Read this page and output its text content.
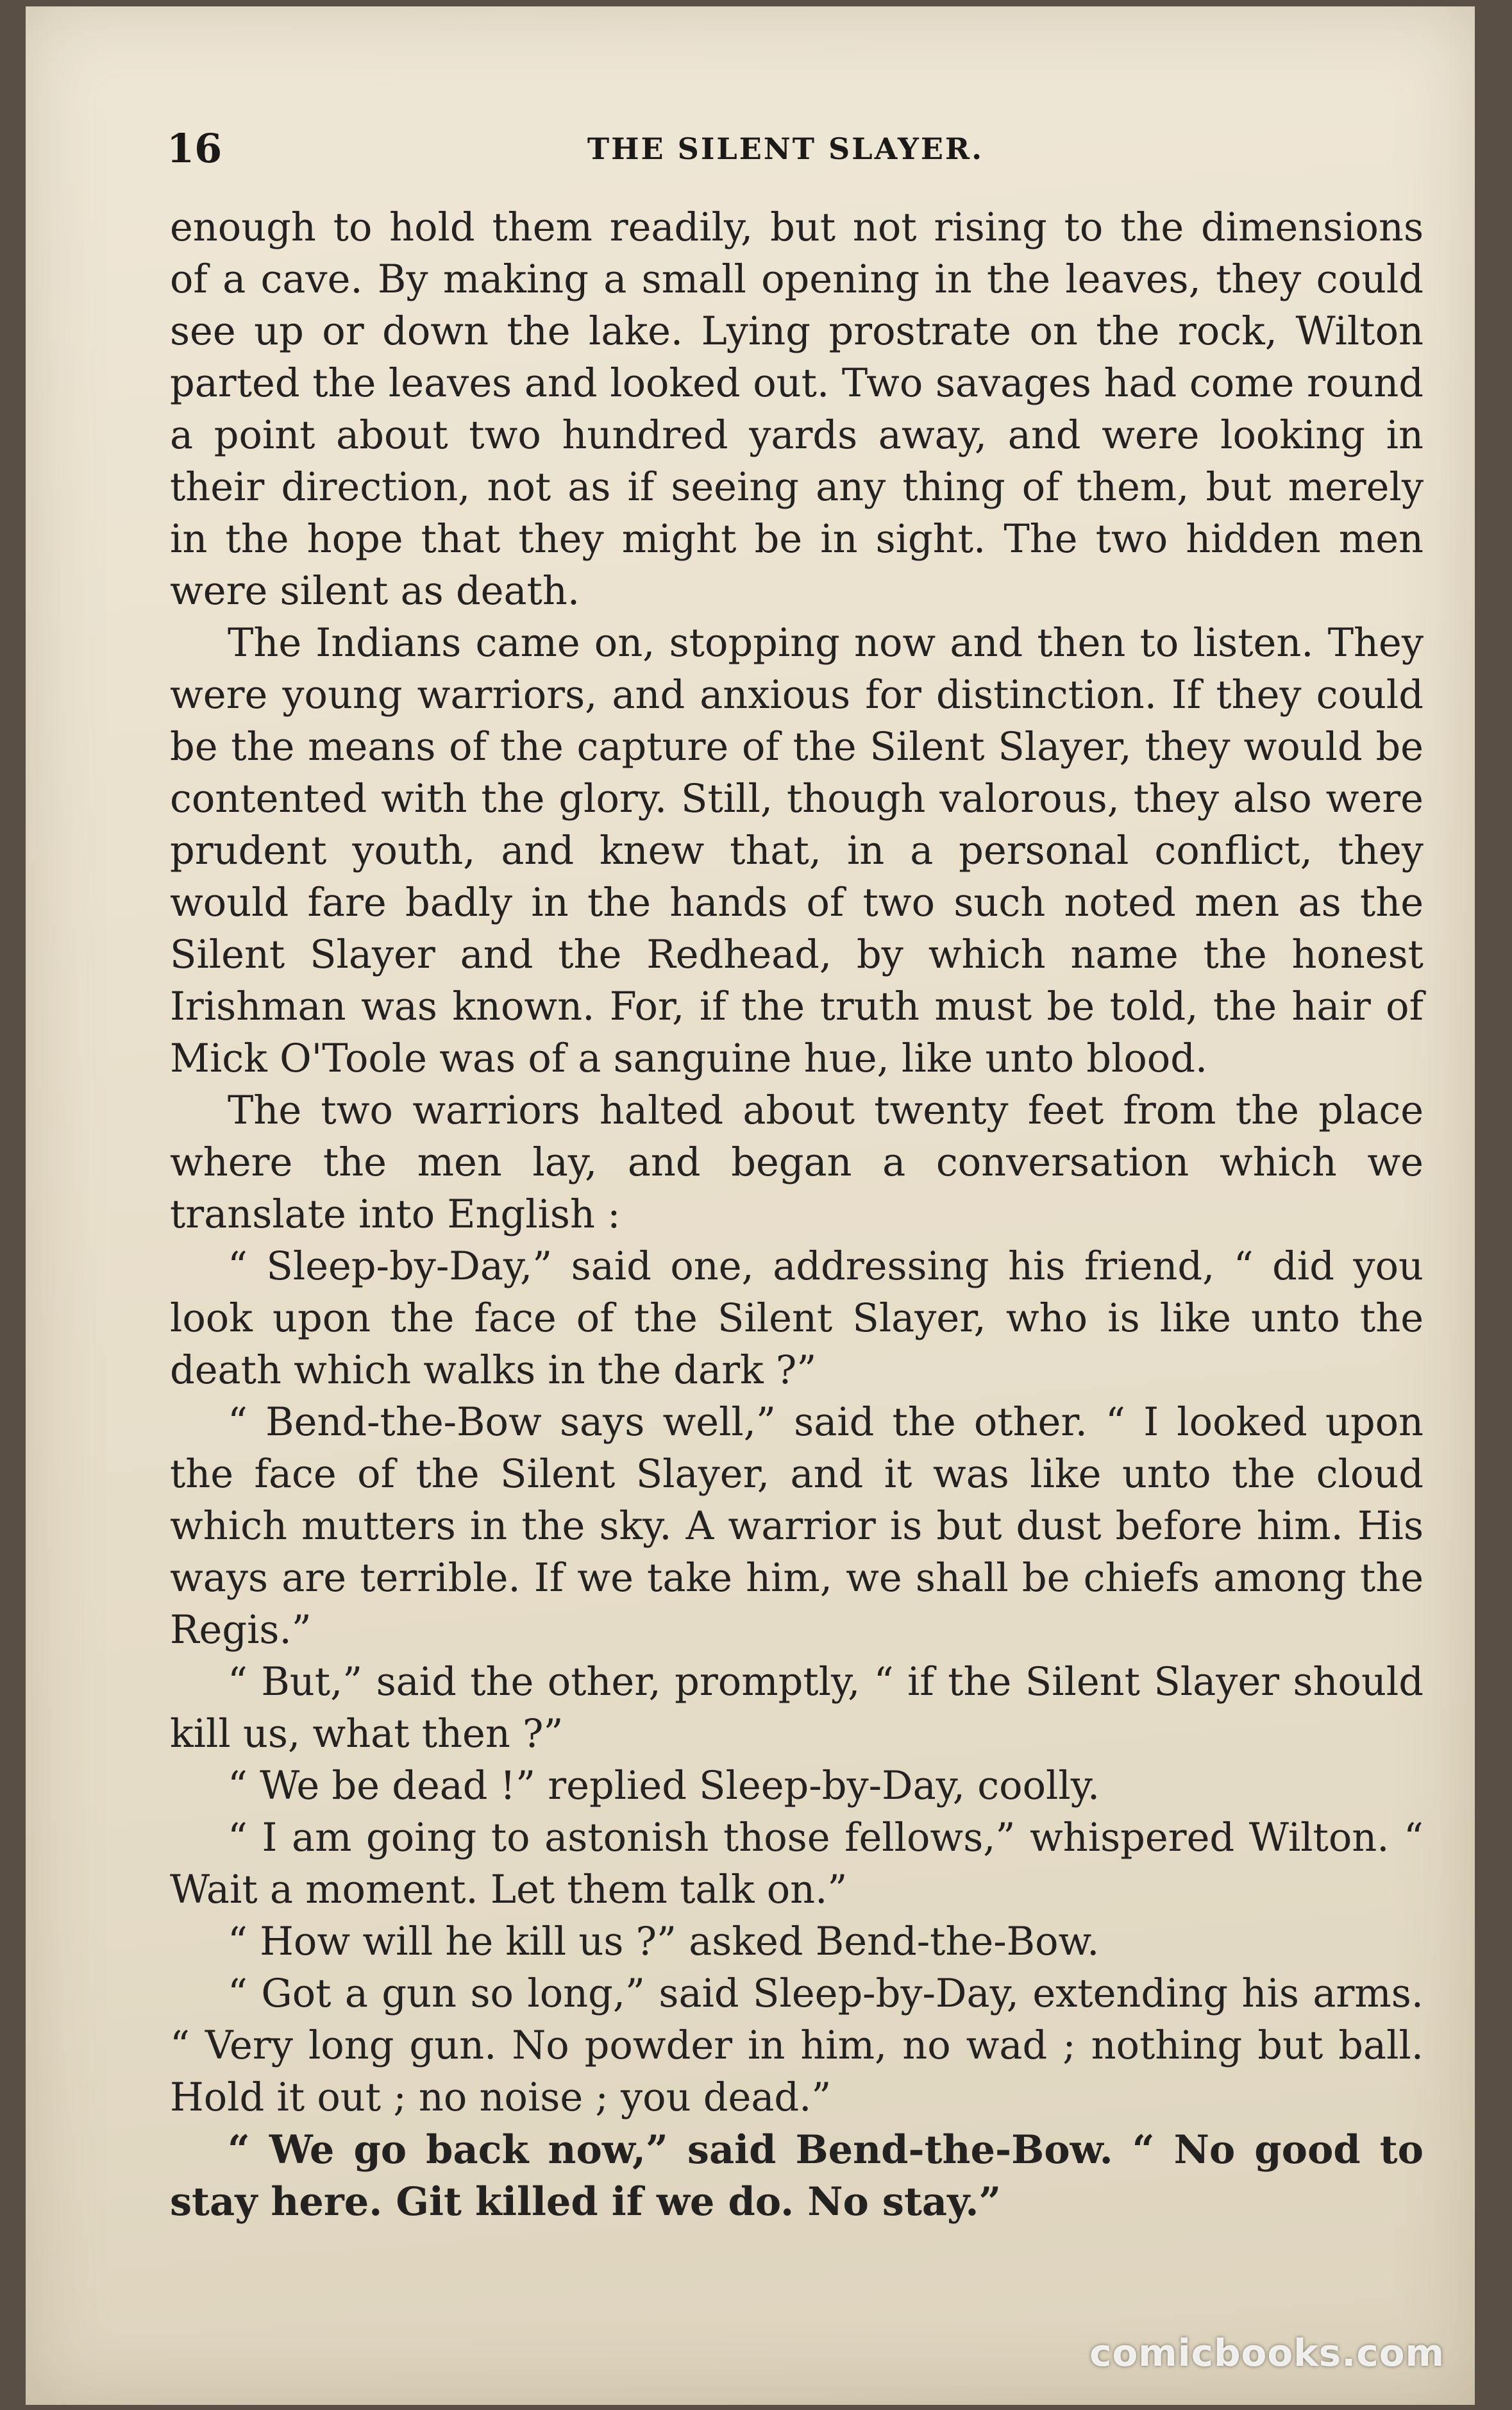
16	THE SILENT SLAYER.

enough to hold them readily, but not rising to the dimensions of a cave. By making a small opening in the leaves, they could see up or down the lake. Lying prostrate on the rock, Wilton parted the leaves and looked out. Two savages had come round a point about two hundred yards away, and were looking in their direction, not as if seeing any thing of them, but merely in the hope that they might be in sight. The two hidden men were silent as death.

The Indians came on, stopping now and then to listen. They were young warriors, and anxious for distinction. If they could be the means of the capture of the Silent Slayer, they would be contented with the glory. Still, though valorous, they also were prudent youth, and knew that, in a personal conflict, they would fare badly in the hands of two such noted men as the Silent Slayer and the Redhead, by which name the honest Irishman was known. For, if the truth must be told, the hair of Mick O'Toole was of a sanguine hue, like unto blood.

The two warriors halted about twenty feet from the place where the men lay, and began a conversation which we translate into English :

“ Sleep-by-Day,” said one, addressing his friend, “ did you look upon the face of the Silent Slayer, who is like unto the death which walks in the dark ?”

“ Bend-the-Bow says well,” said the other. “ I looked upon the face of the Silent Slayer, and it was like unto the cloud which mutters in the sky. A warrior is but dust before him. His ways are terrible. If we take him, we shall be chiefs among the Regis.”

“ But,” said the other, promptly, “ if the Silent Slayer should kill us, what then ?”

“ We be dead !” replied Sleep-by-Day, coolly.

“ I am going to astonish those fellows,” whispered Wilton. “ Wait a moment. Let them talk on.”

“ How will he kill us ?” asked Bend-the-Bow.

“ Got a gun so long,” said Sleep-by-Day, extending his arms. “ Very long gun. No powder in him, no wad ; nothing but ball. Hold it out ; no noise ; you dead.”

“ We go back now,” said Bend-the-Bow. “ No good to stay here. Git killed if we do. No stay.”

comicbooks.com
